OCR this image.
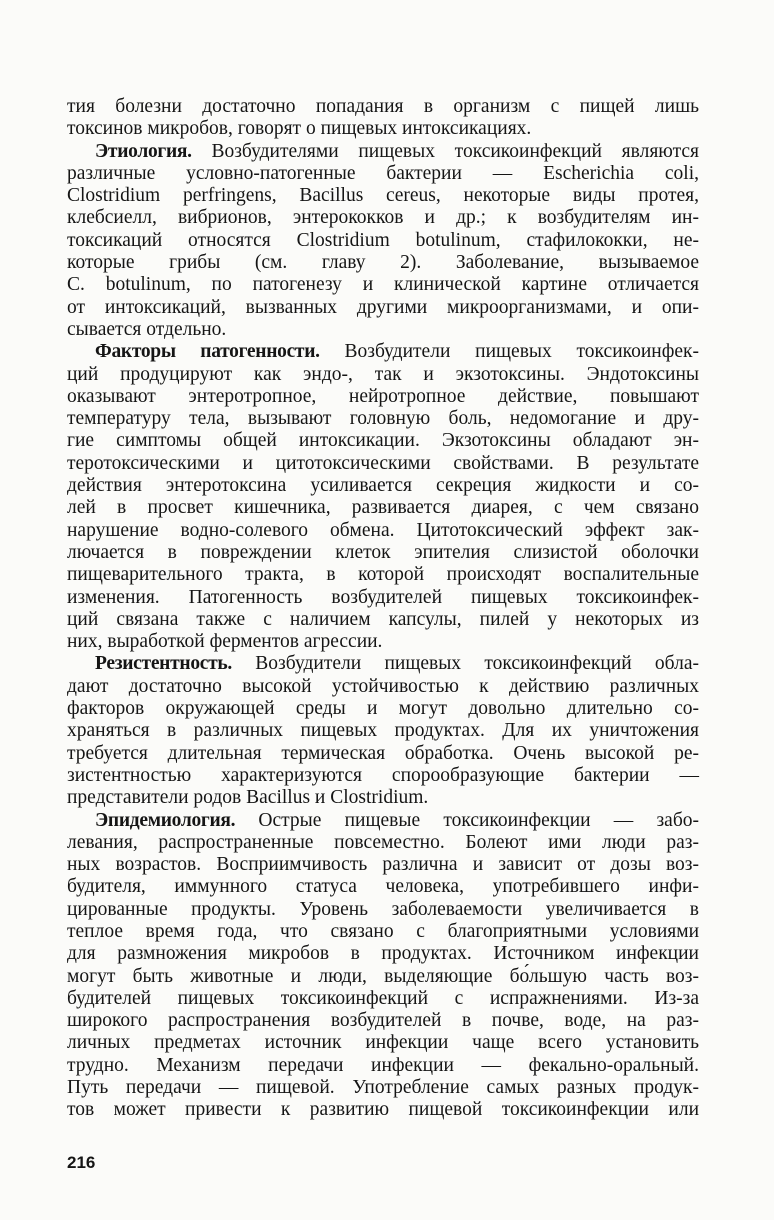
тия болезни достаточно попадания в организм с пищей лишь
токсинов микробов, говорят о пищевых интоксикациях.
Этиология. Возбудителями пищевых токсикоинфекций являются
различные условно-патогенные бактерии — Escherichia coli,
Clostridium perfringens, Bacillus cereus, некоторые виды протея,
клебсиелл, вибрионов, энтерококков и др.; к возбудителям ин-
токсикаций относятся Clostridium botulinum, стафилококки, не-
которые грибы (см. главу 2). Заболевание, вызываемое
C. botulinum, по патогенезу и клинической картине отличается
от интоксикаций, вызванных другими микроорганизмами, и опи-
сывается отдельно.
Факторы патогенности. Возбудители пищевых токсикоинфек-
ций продуцируют как эндо-, так и экзотоксины. Эндотоксины
оказывают энтеротропное, нейротропное действие, повышают
температуру тела, вызывают головную боль, недомогание и дру-
гие симптомы общей интоксикации. Экзотоксины обладают эн-
теротоксическими и цитотоксическими свойствами. В результате
действия энтеротоксина усиливается секреция жидкости и со-
лей в просвет кишечника, развивается диарея, с чем связано
нарушение водно-солевого обмена. Цитотоксический эффект зак-
лючается в повреждении клеток эпителия слизистой оболочки
пищеварительного тракта, в которой происходят воспалительные
изменения. Патогенность возбудителей пищевых токсикоинфек-
ций связана также с наличием капсулы, пилей у некоторых из
них, выработкой ферментов агрессии.
Резистентность. Возбудители пищевых токсикоинфекций обла-
дают достаточно высокой устойчивостью к действию различных
факторов окружающей среды и могут довольно длительно со-
храняться в различных пищевых продуктах. Для их уничтожения
требуется длительная термическая обработка. Очень высокой ре-
зистентностью характеризуются спорообразующие бактерии —
представители родов Bacillus и Clostridium.
Эпидемиология. Острые пищевые токсикоинфекции — забо-
левания, распространенные повсеместно. Болеют ими люди раз-
ных возрастов. Восприимчивость различна и зависит от дозы воз-
будителя, иммунного статуса человека, употребившего инфи-
цированные продукты. Уровень заболеваемости увеличивается в
теплое время года, что связано с благоприятными условиями
для размножения микробов в продуктах. Источником инфекции
могут быть животные и люди, выделяющие бо́льшую часть воз-
будителей пищевых токсикоинфекций с испражнениями. Из-за
широкого распространения возбудителей в почве, воде, на раз-
личных предметах источник инфекции чаще всего установить
трудно. Механизм передачи инфекции — фекально-оральный.
Путь передачи — пищевой. Употребление самых разных продук-
тов может привести к развитию пищевой токсикоинфекции или
216
